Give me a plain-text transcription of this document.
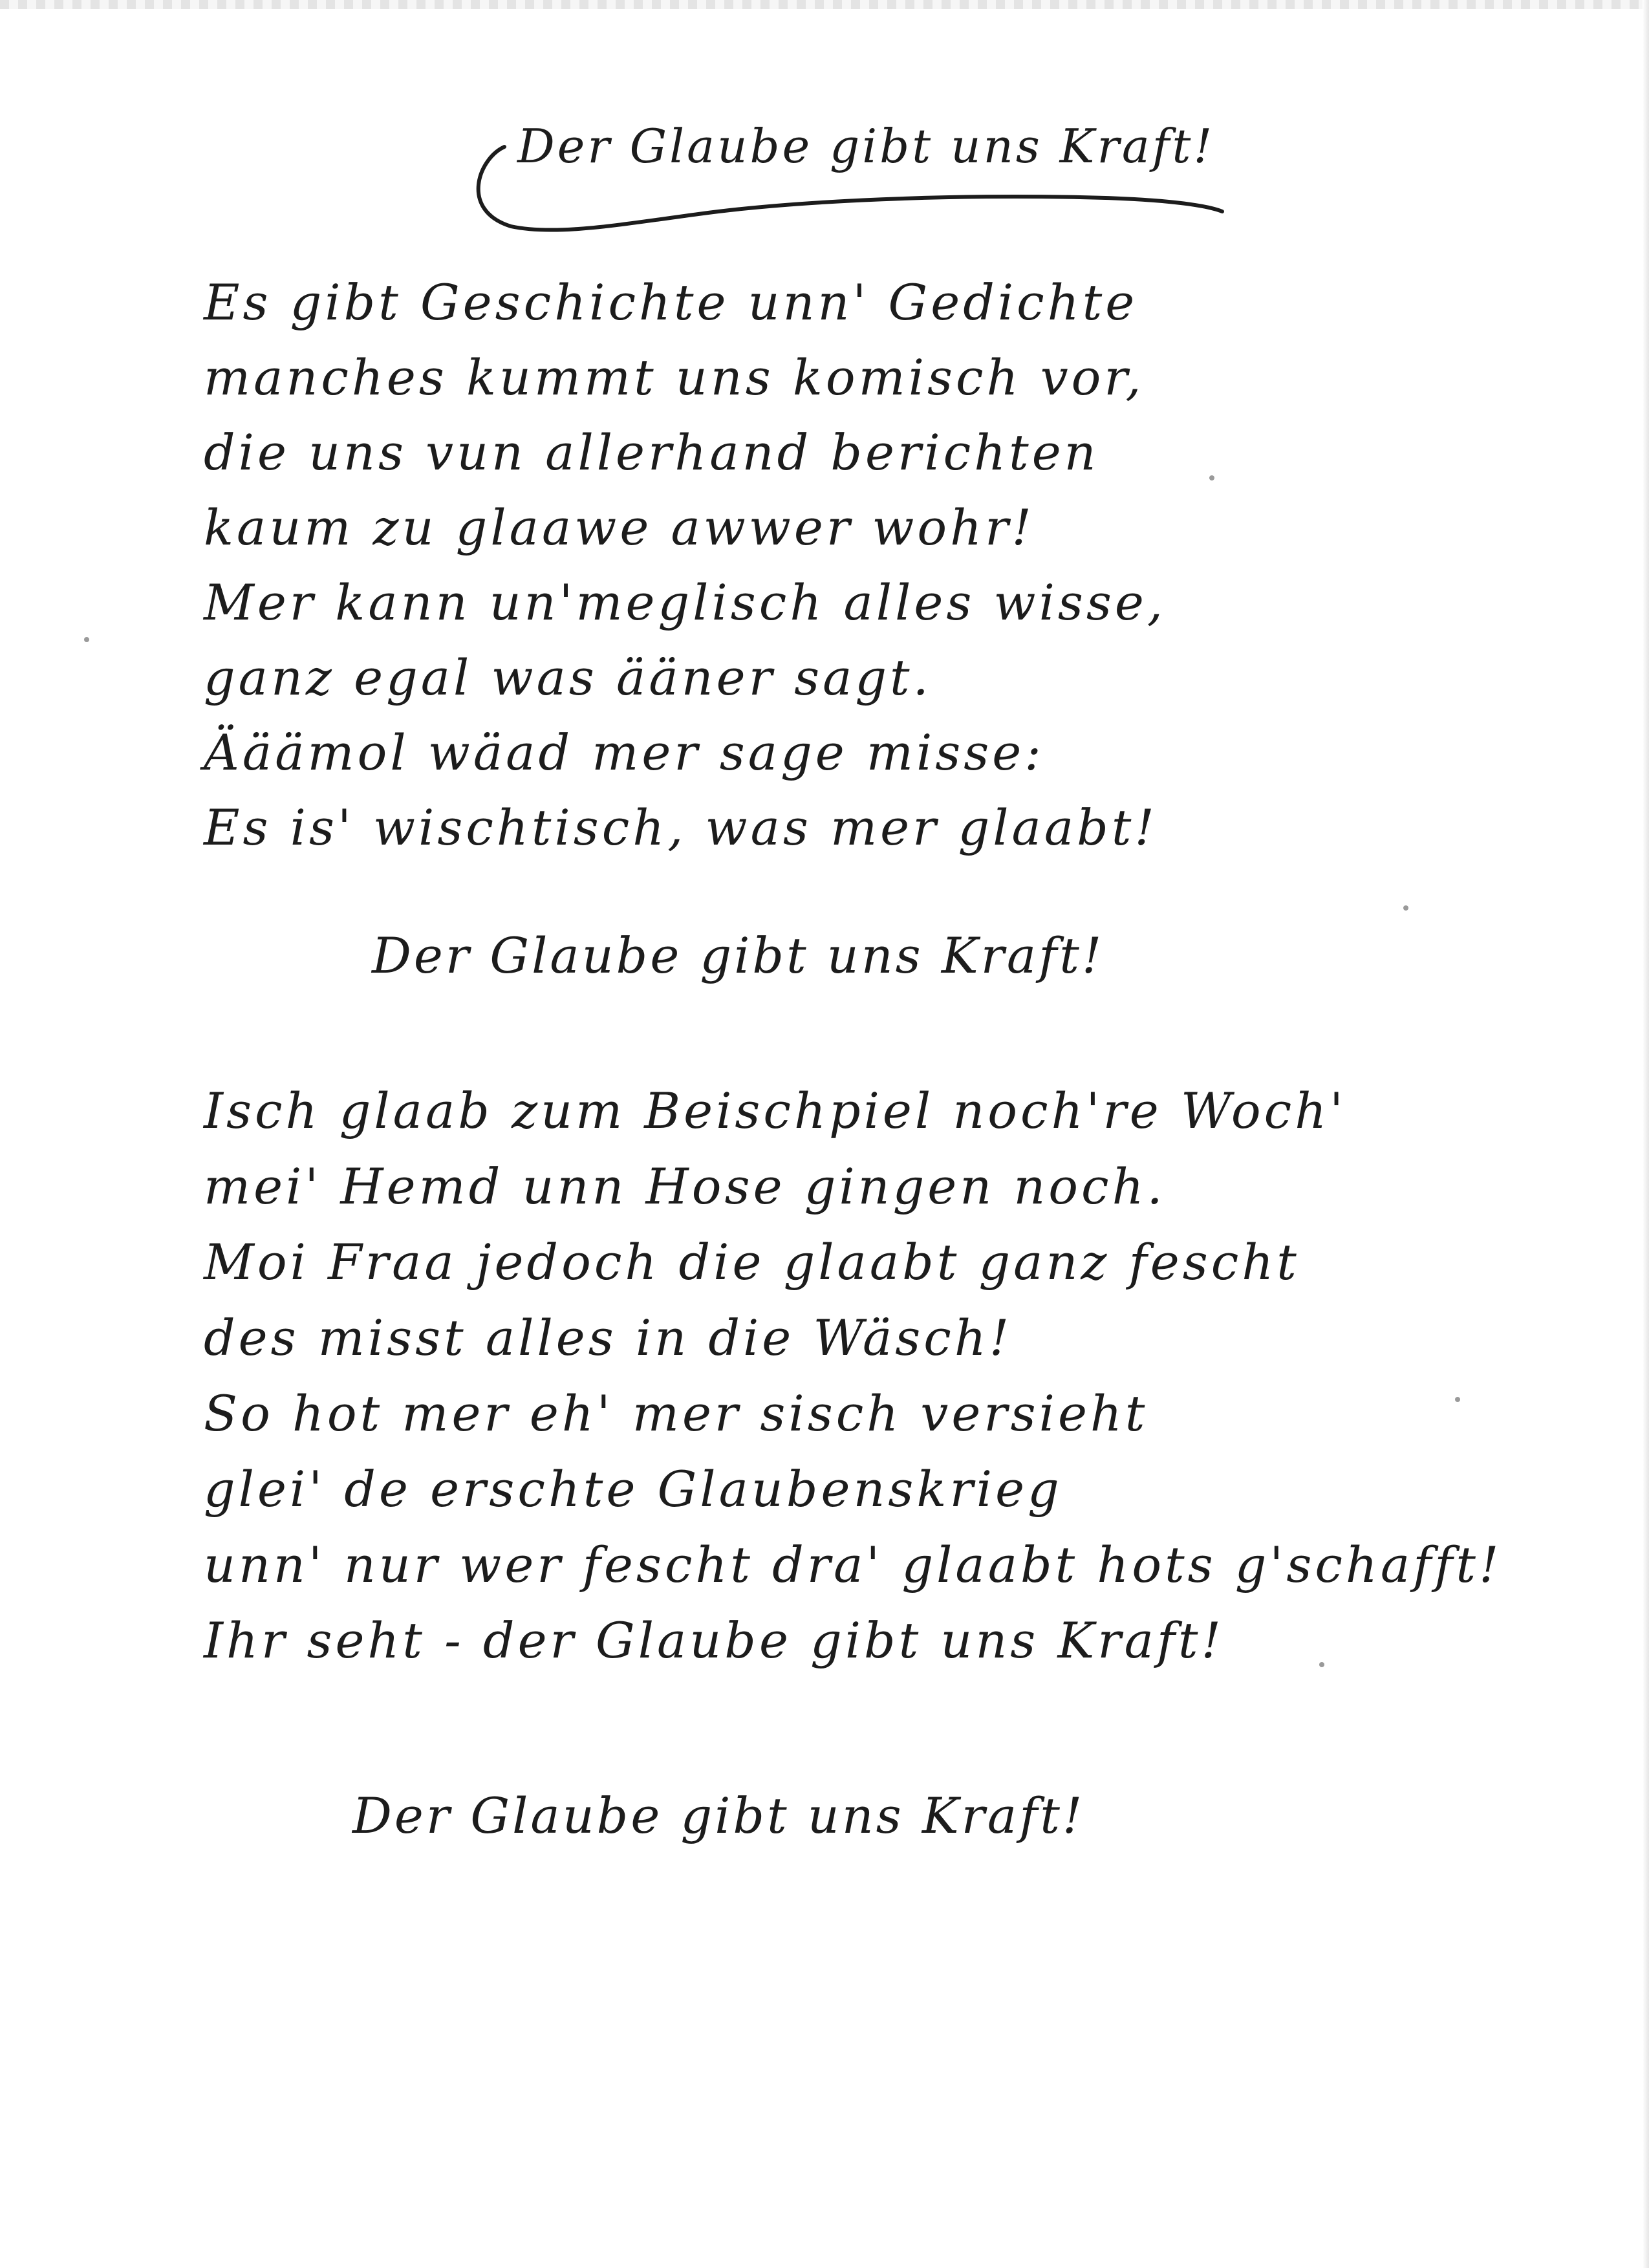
Der Glaube gibt uns Kraft!
Es gibt Geschichte unn' Gedichte
manches kummt uns komisch vor,
die uns vun allerhand berichten
kaum zu glaawe awwer wohr!
Mer kann un'meglisch alles wisse,
ganz egal was ääner sagt.
Ääämol wäad mer sage misse:
Es is' wischtisch, was mer glaabt!

Der Glaube gibt uns Kraft!

Isch glaab zum Beischpiel noch're Woch'
mei' Hemd unn Hose gingen noch.
Moi Fraa jedoch die glaabt ganz fescht
des misst alles in die Wäsch!
So hot mer eh' mer sisch versieht
glei' de erschte Glaubenskrieg
unn' nur wer fescht dra' glaabt hots g'schafft!
Ihr seht - der Glaube gibt uns Kraft!

Der Glaube gibt uns Kraft!
